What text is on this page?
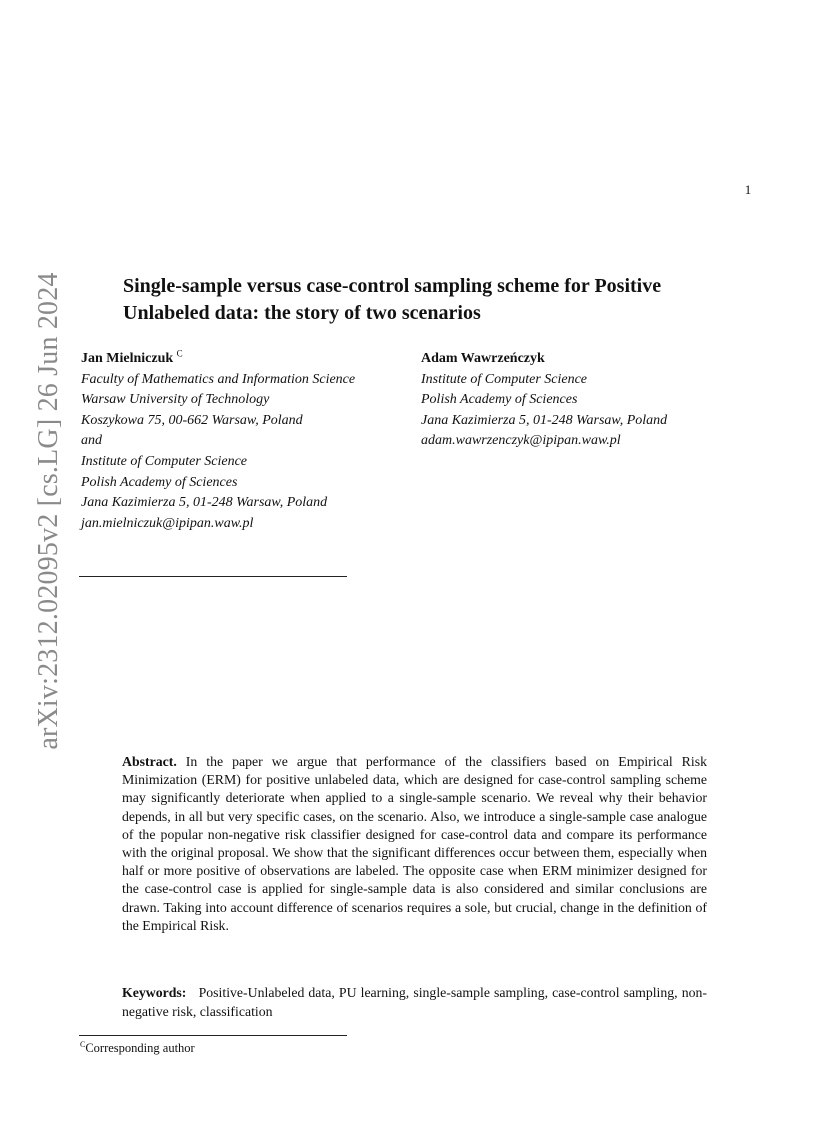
1
arXiv:2312.02095v2 [cs.LG] 26 Jun 2024	Single-sample versus case-control sampling scheme for Positive Unlabeled data: the story of two scenarios
Jan Mielniczuk $^C$
Faculty of Mathematics and Information Science
Warsaw University of Technology
Koszykowa 75, 00-662 Warsaw, Poland
and
Institute of Computer Science
Polish Academy of Sciences
Jana Kazimierza 5, 01-248 Warsaw, Poland
jan.mielniczuk@ipipan.waw.pl
Adam Wawrzeńczyk
Institute of Computer Science
Polish Academy of Sciences
Jana Kazimierza 5, 01-248 Warsaw, Poland
adam.wawrzenczyk@ipipan.waw.pl

Abstract. In the paper we argue that performance of the classifiers based on Empirical Risk Minimization (ERM) for positive unlabeled data, which are designed for case-control sampling scheme may significantly deteriorate when applied to a single-sample scenario. We reveal why their behavior depends, in all but very specific cases, on the scenario. Also, we introduce a single-sample case analogue of the popular non-negative risk classifier designed for case-control data and compare its performance with the original proposal. We show that the significant differences occur between them, especially when half or more positive of observations are labeled. The opposite case when ERM minimizer designed for the case-control case is applied for single-sample data is also considered and similar conclusions are drawn. Taking into account difference of scenarios requires a sole, but crucial, change in the definition of the Empirical Risk.

Keywords: Positive-Unlabeled data, PU learning, single-sample sampling, case-control sampling, non-negative risk, classification

$^C$Corresponding author
